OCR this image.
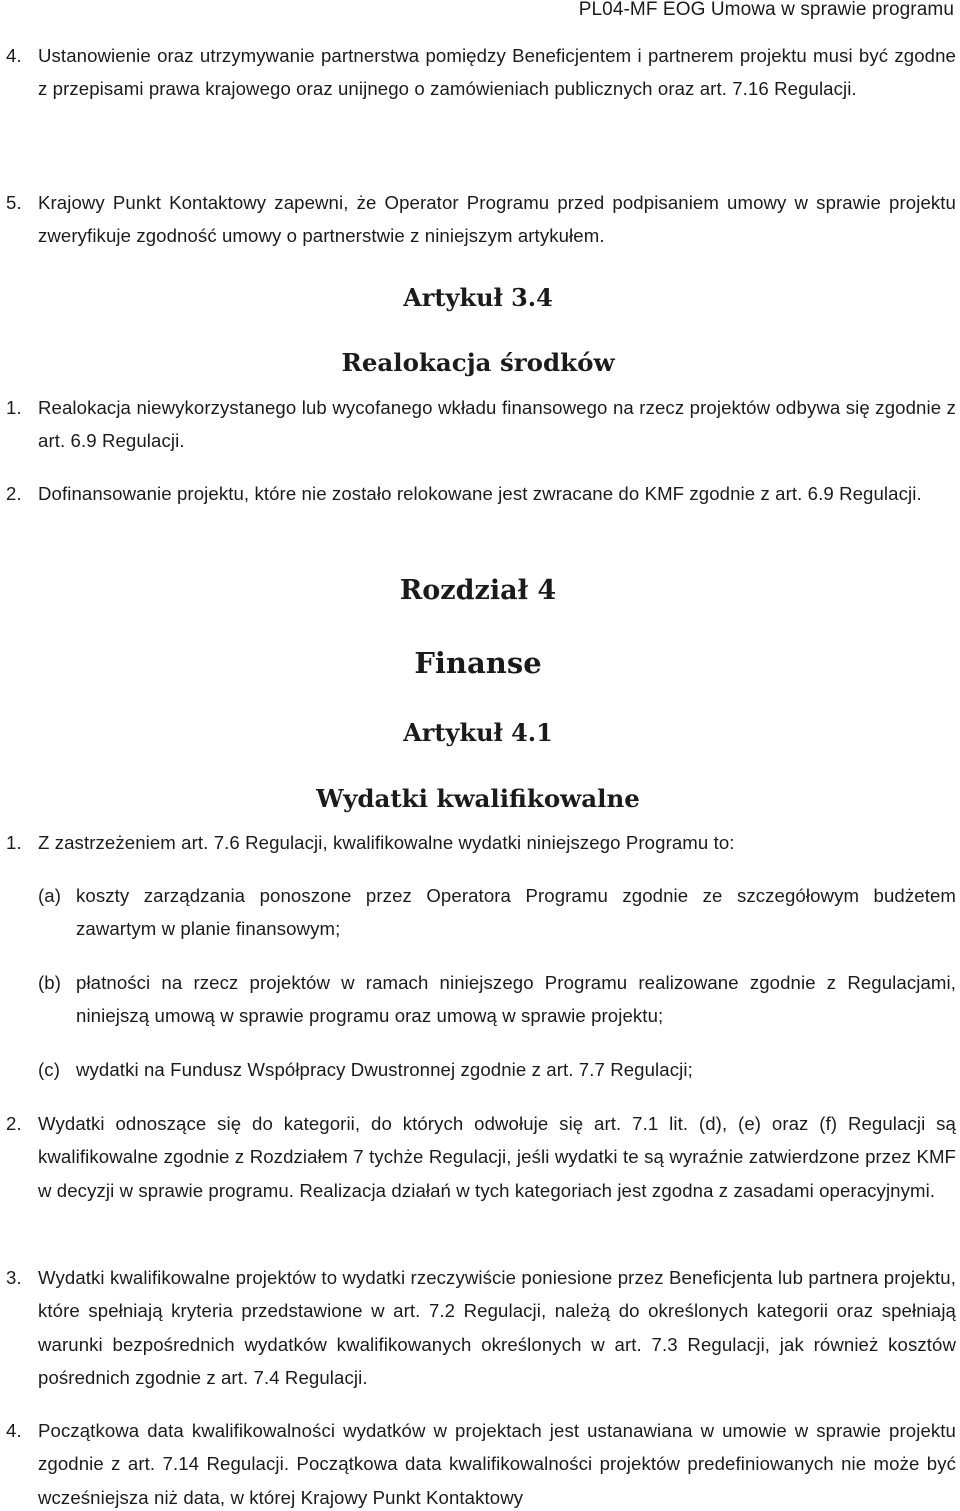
PL04-MF EOG Umowa w sprawie programu
4. Ustanowienie oraz utrzymywanie partnerstwa pomiędzy Beneficjentem i partnerem projektu musi być zgodne z przepisami prawa krajowego oraz unijnego o zamówieniach publicznych oraz art. 7.16 Regulacji.
5. Krajowy Punkt Kontaktowy zapewni, że Operator Programu przed podpisaniem umowy w sprawie projektu zweryfikuje zgodność umowy o partnerstwie z niniejszym artykułem.
Artykuł 3.4
Realokacja środków
1. Realokacja niewykorzystanego lub wycofanego wkładu finansowego na rzecz projektów odbywa się zgodnie z art. 6.9 Regulacji.
2. Dofinansowanie projektu, które nie zostało relokowane jest zwracane do KMF zgodnie z art. 6.9 Regulacji.
Rozdział 4
Finanse
Artykuł 4.1
Wydatki kwalifikowalne
1. Z zastrzeżeniem art. 7.6 Regulacji, kwalifikowalne wydatki niniejszego Programu to:
(a) koszty zarządzania ponoszone przez Operatora Programu zgodnie ze szczegółowym budżetem zawartym w planie finansowym;
(b) płatności na rzecz projektów w ramach niniejszego Programu realizowane zgodnie z Regulacjami, niniejszą umową w sprawie programu oraz umową w sprawie projektu;
(c) wydatki na Fundusz Współpracy Dwustronnej zgodnie z art. 7.7 Regulacji;
2. Wydatki odnoszące się do kategorii, do których odwołuje się art. 7.1 lit. (d), (e) oraz (f) Regulacji są kwalifikowalne zgodnie z Rozdziałem 7 tychże Regulacji, jeśli wydatki te są wyraźnie zatwierdzone przez KMF w decyzji w sprawie programu. Realizacja działań w tych kategoriach jest zgodna z zasadami operacyjnymi.
3. Wydatki kwalifikowalne projektów to wydatki rzeczywiście poniesione przez Beneficjenta lub partnera projektu, które spełniają kryteria przedstawione w art. 7.2 Regulacji, należą do określonych kategorii oraz spełniają warunki bezpośrednich wydatków kwalifikowanych określonych w art. 7.3 Regulacji, jak również kosztów pośrednich zgodnie z art. 7.4 Regulacji.
4. Początkowa data kwalifikowalności wydatków w projektach jest ustanawiana w umowie w sprawie projektu zgodnie z art. 7.14 Regulacji. Początkowa data kwalifikowalności projektów predefiniowanych nie może być wcześniejsza niż data, w której Krajowy Punkt Kontaktowy
